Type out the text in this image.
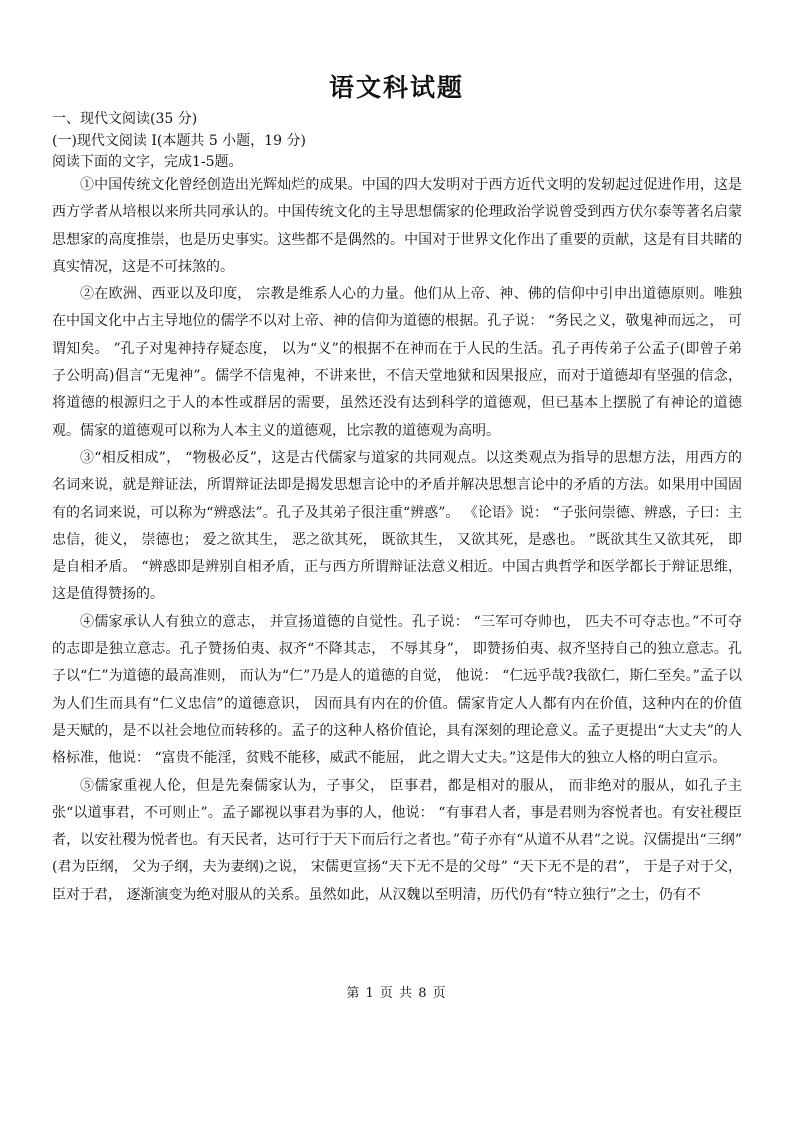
语文科试题
一、现代文阅读(35 分)
(一)现代文阅读 I(本题共 5 小题，19 分)
阅读下面的文字，完成1-5题。

①中国传统文化曾经创造出光辉灿烂的成果。中国的四大发明对于西方近代文明的发轫起过促进作用，这是西方学者从培根以来所共同承认的。中国传统文化的主导思想儒家的伦理政治学说曾受到西方伏尔泰等著名启蒙思想家的高度推崇，也是历史事实。这些都不是偶然的。中国对于世界文化作出了重要的贡献，这是有目共睹的真实情况，这是不可抹煞的。

②在欧洲、西亚以及印度， 宗教是维系人心的力量。他们从上帝、神、佛的信仰中引申出道德原则。唯独在中国文化中占主导地位的儒学不以对上帝、神的信仰为道德的根据。孔子说： “务民之义，敬鬼神而远之， 可谓知矣。 ”孔子对鬼神持存疑态度， 以为“义”的根据不在神而在于人民的生活。孔子再传弟子公孟子(即曾子弟子公明高)倡言“无鬼神”。儒学不信鬼神，不讲来世，不信天堂地狱和因果报应，而对于道德却有坚强的信念，将道德的根源归之于人的本性或群居的需要，虽然还没有达到科学的道德观，但已基本上摆脱了有神论的道德观。儒家的道德观可以称为人本主义的道德观，比宗教的道德观为高明。

③“相反相成”， “物极必反”，这是古代儒家与道家的共同观点。以这类观点为指导的思想方法，用西方的名词来说，就是辩证法，所谓辩证法即是揭发思想言论中的矛盾并解决思想言论中的矛盾的方法。如果用中国固有的名词来说，可以称为“辨惑法”。孔子及其弟子很注重“辨惑”。 《论语》说： “子张问崇德、辨惑，子曰：主忠信，徙义， 崇德也； 爱之欲其生， 恶之欲其死， 既欲其生， 又欲其死，是惑也。 ”既欲其生又欲其死， 即是自相矛盾。 “辨惑即是辨别自相矛盾，正与西方所谓辩证法意义相近。中国古典哲学和医学都长于辩证思维，这是值得赞扬的。

④儒家承认人有独立的意志， 并宣扬道德的自觉性。孔子说： “三军可夺帅也， 匹夫不可夺志也。”不可夺的志即是独立意志。孔子赞扬伯夷、叔齐“不降其志， 不辱其身”， 即赞扬伯夷、叔齐坚持自己的独立意志。孔子以“仁”为道德的最高准则， 而认为“仁”乃是人的道德的自觉， 他说： “仁远乎哉?我欲仁，斯仁至矣。”孟子以为人们生而具有“仁义忠信”的道德意识， 因而具有内在的价值。儒家肯定人人都有内在价值，这种内在的价值是天赋的，是不以社会地位而转移的。孟子的这种人格价值论，具有深刻的理论意义。孟子更提出“大丈夫”的人格标准，他说： “富贵不能淫，贫贱不能移，威武不能屈， 此之谓大丈夫。”这是伟大的独立人格的明白宣示。

⑤儒家重视人伦，但是先秦儒家认为，子事父， 臣事君，都是相对的服从， 而非绝对的服从，如孔子主张“以道事君，不可则止”。孟子鄙视以事君为事的人，他说： “有事君人者，事是君则为容悦者也。有安社稷臣者，以安社稷为悦者也。有天民者，达可行于天下而后行之者也。”荀子亦有“从道不从君”之说。汉儒提出“三纲” (君为臣纲， 父为子纲，夫为妻纲)之说， 宋儒更宣扬“天下无不是的父母” “天下无不是的君”， 于是子对于父， 臣对于君， 逐渐演变为绝对服从的关系。虽然如此，从汉魏以至明清，历代仍有“特立独行”之士，仍有不

第 1 页 共 8 页
